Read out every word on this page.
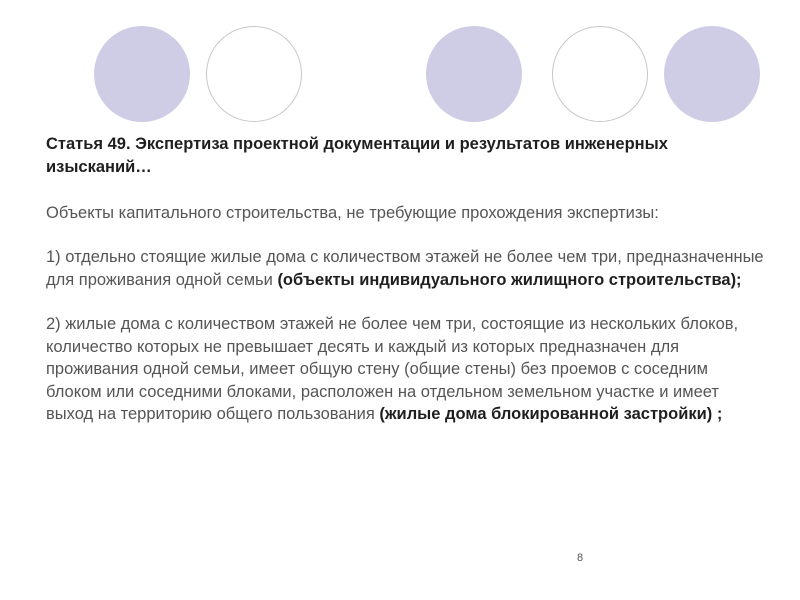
Статья 49. Экспертиза проектной документации и результатов инженерных изысканий…

Объекты капитального строительства, не требующие прохождения экспертизы:
1) отдельно стоящие жилые дома с количеством этажей не более чем три, предназначенные для проживания одной семьи (объекты индивидуального жилищного строительства);
2) жилые дома с количеством этажей не более чем три, состоящие из нескольких блоков, количество которых не превышает десять и каждый из которых предназначен для проживания одной семьи, имеет общую стену (общие стены) без проемов с соседним блоком или соседними блоками, расположен на отдельном земельном участке и имеет выход на территорию общего пользования (жилые дома блокированной застройки) ;
8
